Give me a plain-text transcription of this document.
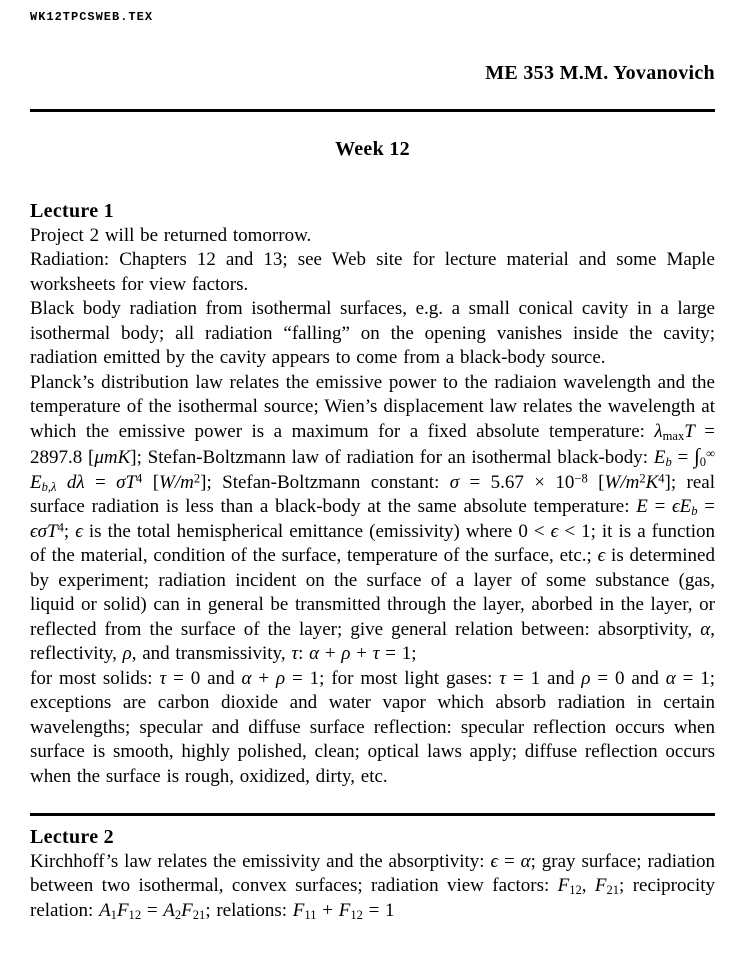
WK12TPCSWEB.TEX
ME 353 M.M. Yovanovich
Week 12
Lecture 1

Project 2 will be returned tomorrow.

Radiation: Chapters 12 and 13; see Web site for lecture material and some Maple worksheets for view factors.

Black body radiation from isothermal surfaces, e.g. a small conical cavity in a large isothermal body; all radiation “falling” on the opening vanishes inside the cavity; radiation emitted by the cavity appears to come from a black-body source.

Planck’s distribution law relates the emissive power to the radiaion wavelength and the temperature of the isothermal source; Wien’s displacement law relates the wavelength at which the emissive power is a maximum for a fixed absolute temperature: $\lambda_{max}T = 2897.8$ [μmK]; Stefan-Boltzmann law of radiation for an isothermal black-body: $E_b = \int_0^\infty$ $E_{b,\lambda}$ $d\lambda = \sigma T^4$ $[W/m^2]$; Stefan-Boltzmann constant: $\sigma = 5.67 \times 10^{-8}$ $[W/m^2K^4]$; real surface radiation is less than a black-body at the same absolute temperature: $E = \epsilon E_b = \epsilon\sigma T^4$; ϵ is the total hemispherical emittance (emissivity) where 0 < ϵ < 1; it is a function of the material, condition of the surface, temperature of the surface, etc.; ϵ is determined by experiment; radiation incident on the surface of a layer of some substance (gas, liquid or solid) can in general be transmitted through the layer, aborbed in the layer, or reflected from the surface of the layer; give general relation between: absorptivity, α, reflectivity, ρ, and transmissivity, τ: α + ρ + τ = 1;

for most solids: τ = 0 and α + ρ = 1; for most light gases: τ = 1 and ρ = 0 and α = 1; exceptions are carbon dioxide and water vapor which absorb radiation in certain wavelengths; specular and diffuse surface reflection: specular reflection occurs when surface is smooth, highly polished, clean; optical laws apply; diffuse reflection occurs when the surface is rough, oxidized, dirty, etc.

Lecture 2

Kirchhoff’s law relates the emissivity and the absorptivity: ϵ = α; gray surface; radiation between two isothermal, convex surfaces; radiation view factors: $F_{12}$, $F_{21}$; reciprocity relation: $A_1F_{12} = A_2F_{21}$; relations: $F_{11} + F_{12} = 1$
